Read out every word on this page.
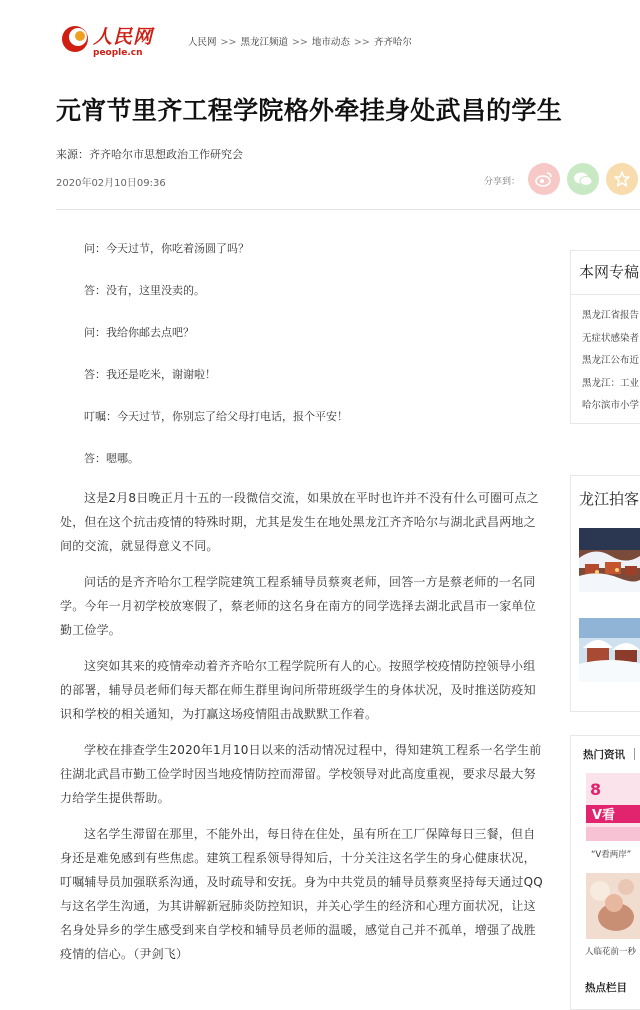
人民网
people.cn
人民网 >> 黑龙江频道 >> 地市动态 >> 齐齐哈尔
元宵节里齐工程学院格外牵挂身处武昌的学生
来源：齐齐哈尔市思想政治工作研究会
2020年02月10日09:36	分享到：

问：今天过节，你吃着汤圆了吗？

答：没有，这里没卖的。

问：我给你邮去点吧？

答：我还是吃米，谢谢啦！

叮嘱：今天过节，你别忘了给父母打电话，报个平安！

答：嗯哪。

这是2月8日晚正月十五的一段微信交流，如果放在平时也许并不没有什么可圈可点之处，但在这个抗击疫情的特殊时期，尤其是发生在地处黑龙江齐齐哈尔与湖北武昌两地之间的交流，就显得意义不同。

问话的是齐齐哈尔工程学院建筑工程系辅导员蔡爽老师，回答一方是蔡老师的一名同学。今年一月初学校放寒假了，蔡老师的这名身在南方的同学选择去湖北武昌市一家单位勤工俭学。

这突如其来的疫情牵动着齐齐哈尔工程学院所有人的心。按照学校疫情防控领导小组的部署，辅导员老师们每天都在师生群里询问所带班级学生的身体状况，及时推送防疫知识和学校的相关通知，为打赢这场疫情阻击战默默工作着。

学校在排查学生2020年1月10日以来的活动情况过程中，得知建筑工程系一名学生前往湖北武昌市勤工俭学时因当地疫情防控而滞留。学校领导对此高度重视，要求尽最大努力给学生提供帮助。

这名学生滞留在那里，不能外出，每日待在住处，虽有所在工厂保障每日三餐，但自身还是难免感到有些焦虑。建筑工程系领导得知后，十分关注这名学生的身心健康状况，叮嘱辅导员加强联系沟通，及时疏导和安抚。身为中共党员的辅导员蔡爽坚持每天通过QQ与这名学生沟通，为其讲解新冠肺炎防控知识，并关心学生的经济和心理方面状况，让这名身处异乡的学生感受到来自学校和辅导员老师的温暖，感觉自己并不孤单，增强了战胜疫情的信心。（尹剑飞）

本网专稿
黑龙江省报告
无症状感染者
黑龙江公布近
黑龙江：工业
哈尔滨市小学
龙江拍客
热门资讯
8
V看
“V看两岸”
人临花前一秒
热点栏目
